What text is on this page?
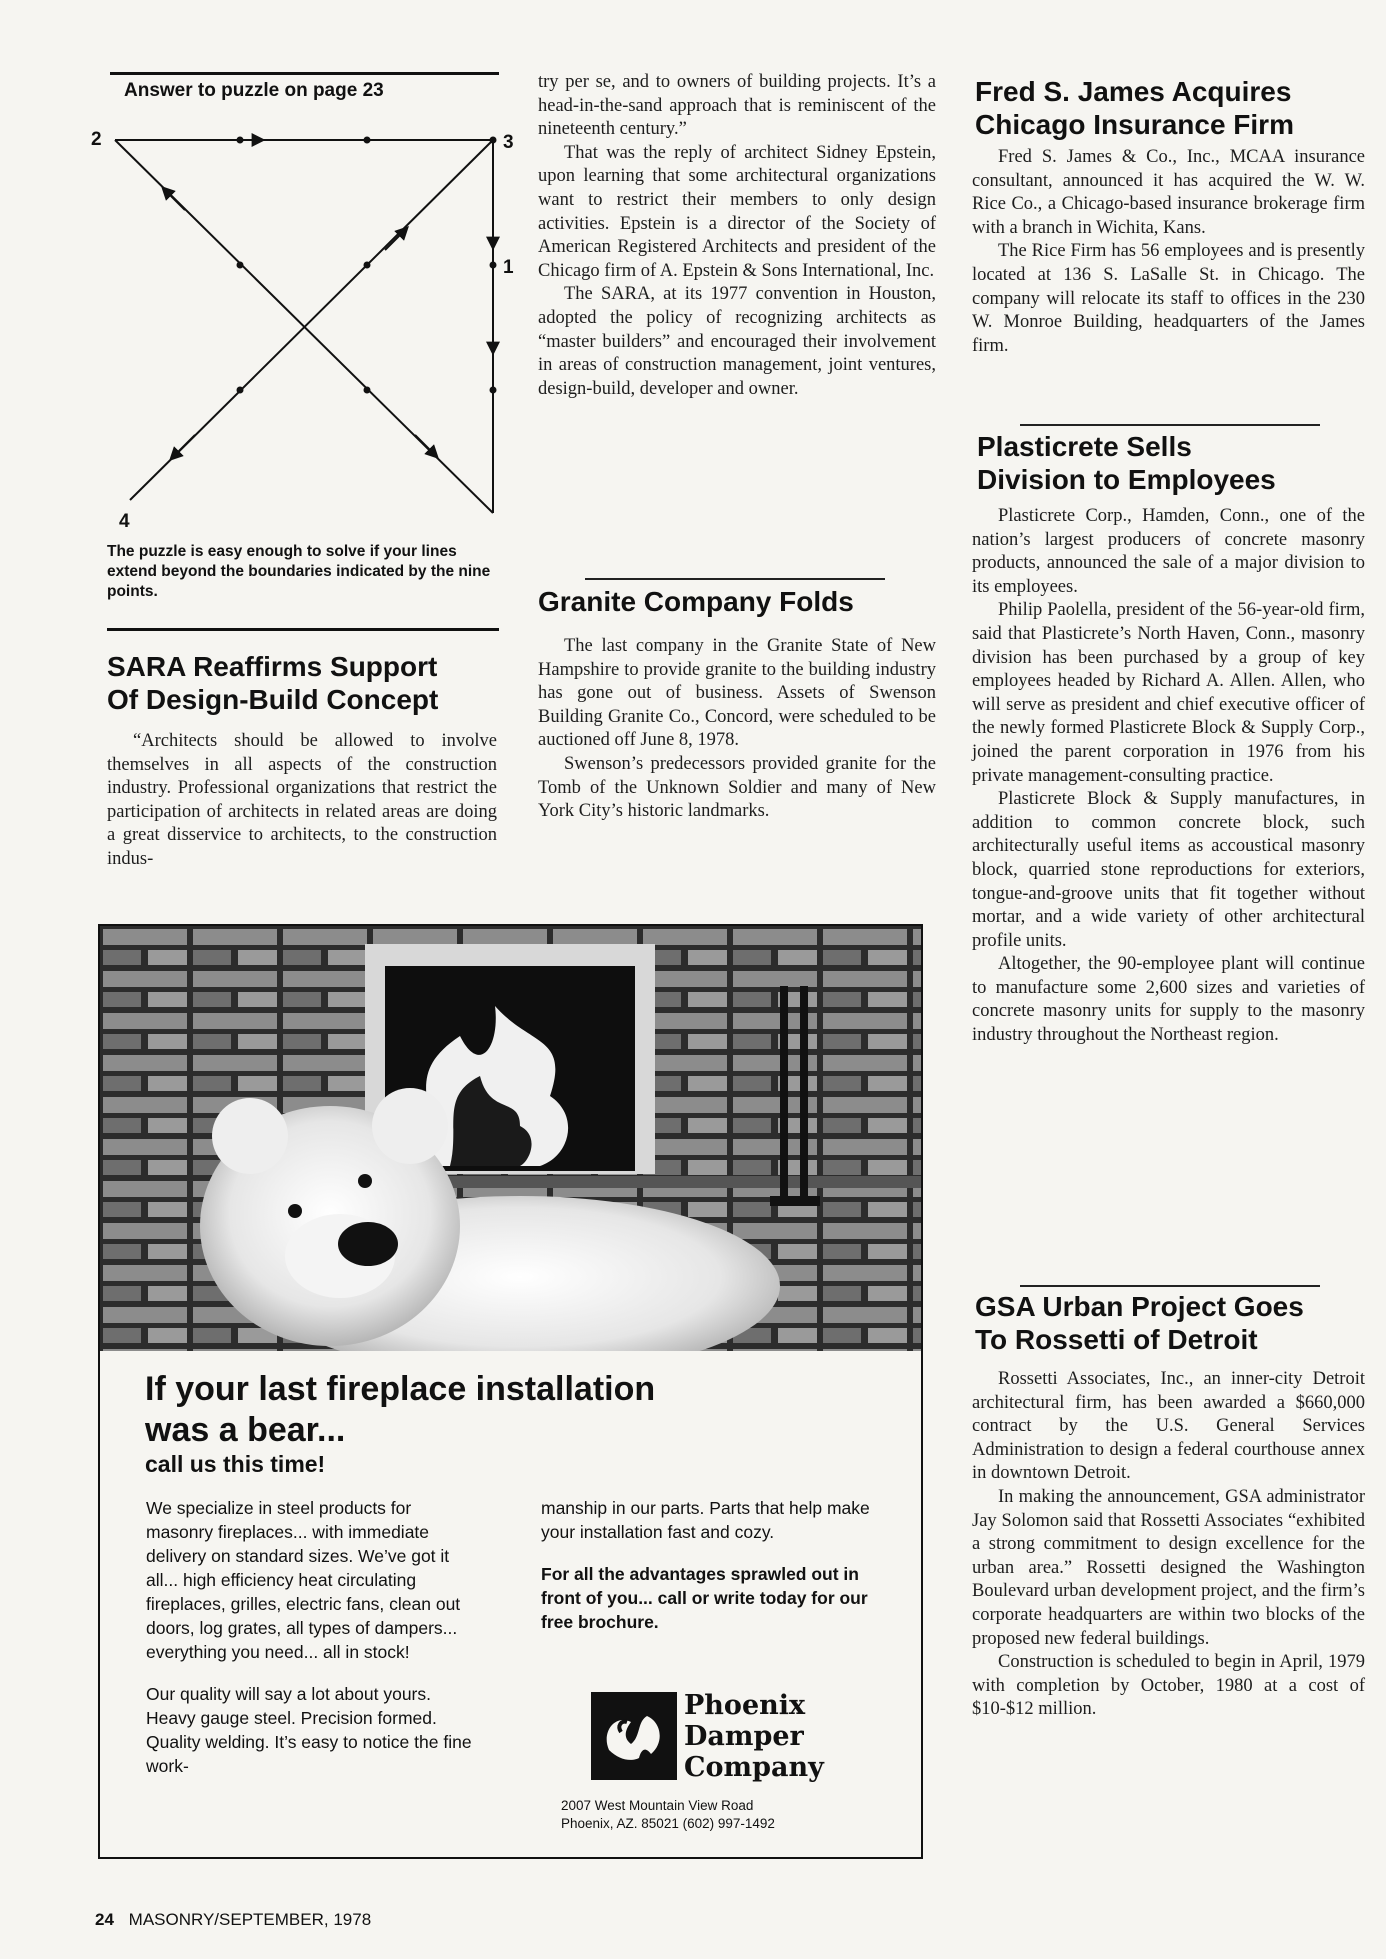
Answer to puzzle on page 23
2	3
1
4
The puzzle is easy enough to solve if your lines extend beyond the boundaries indicated by the nine points.
SARA Reaffirms Support
Of Design-Build Concept

“Architects should be allowed to involve themselves in all aspects of the construction industry. Professional organizations that restrict the participation of architects in related areas are doing a great disservice to architects, to the construction indus-

try per se, and to owners of building projects. It’s a head-in-the-sand approach that is reminiscent of the nineteenth century.”

That was the reply of architect Sidney Epstein, upon learning that some architectural organizations want to restrict their members to only design activities. Epstein is a director of the Society of American Registered Architects and president of the Chicago firm of A. Epstein & Sons International, Inc.

The SARA, at its 1977 convention in Houston, adopted the policy of recognizing architects as “master builders” and encouraged their involvement in areas of construction management, joint ventures, design-build, developer and owner.

Granite Company Folds

The last company in the Granite State of New Hampshire to provide granite to the building industry has gone out of business. Assets of Swenson Building Granite Co., Concord, were scheduled to be auctioned off June 8, 1978.

Swenson’s predecessors provided granite for the Tomb of the Unknown Soldier and many of New York City’s historic landmarks.

Fred S. James Acquires
Chicago Insurance Firm

Fred S. James & Co., Inc., MCAA insurance consultant, announced it has acquired the W. W. Rice Co., a Chicago-based insurance brokerage firm with a branch in Wichita, Kans.

The Rice Firm has 56 employees and is presently located at 136 S. LaSalle St. in Chicago. The company will relocate its staff to offices in the 230 W. Monroe Building, headquarters of the James firm.

Plasticrete Sells
Division to Employees

Plasticrete Corp., Hamden, Conn., one of the nation’s largest producers of concrete masonry products, announced the sale of a major division to its employees.

Philip Paolella, president of the 56-year-old firm, said that Plasticrete’s North Haven, Conn., masonry division has been purchased by a group of key employees headed by Richard A. Allen. Allen, who will serve as president and chief executive officer of the newly formed Plasticrete Block & Supply Corp., joined the parent corporation in 1976 from his private management-consulting practice.

Plasticrete Block & Supply manufactures, in addition to common concrete block, such architecturally useful items as accoustical masonry block, quarried stone reproductions for exteriors, tongue-and-groove units that fit together without mortar, and a wide variety of other architectural profile units.

Altogether, the 90-employee plant will continue to manufacture some 2,600 sizes and varieties of concrete masonry units for supply to the masonry industry throughout the Northeast region.

GSA Urban Project Goes
To Rossetti of Detroit

Rossetti Associates, Inc., an inner-city Detroit architectural firm, has been awarded a $660,000 contract by the U.S. General Services Administration to design a federal courthouse annex in downtown Detroit.

In making the announcement, GSA administrator Jay Solomon said that Rossetti Associates “exhibited a strong commitment to design excellence for the urban area.” Rossetti designed the Washington Boulevard urban development project, and the firm’s corporate headquarters are within two blocks of the proposed new federal buildings.

Construction is scheduled to begin in April, 1979 with completion by October, 1980 at a cost of $10-$12 million.

If your last fireplace installation
was a bear...
call us this time!

We specialize in steel products for masonry fireplaces... with immediate delivery on standard sizes. We’ve got it all... high efficiency heat circulating fireplaces, grilles, electric fans, clean out doors, log grates, all types of dampers... everything you need... all in stock!

Our quality will say a lot about yours. Heavy gauge steel. Precision formed. Quality welding. It’s easy to notice the fine work-

manship in our parts. Parts that help make your installation fast and cozy.

For all the advantages sprawled out in front of you... call or write today for our free brochure.

Phoenix
Damper
Company
2007 West Mountain View Road
Phoenix, AZ. 85021 (602) 997-1492
24 MASONRY/SEPTEMBER, 1978
